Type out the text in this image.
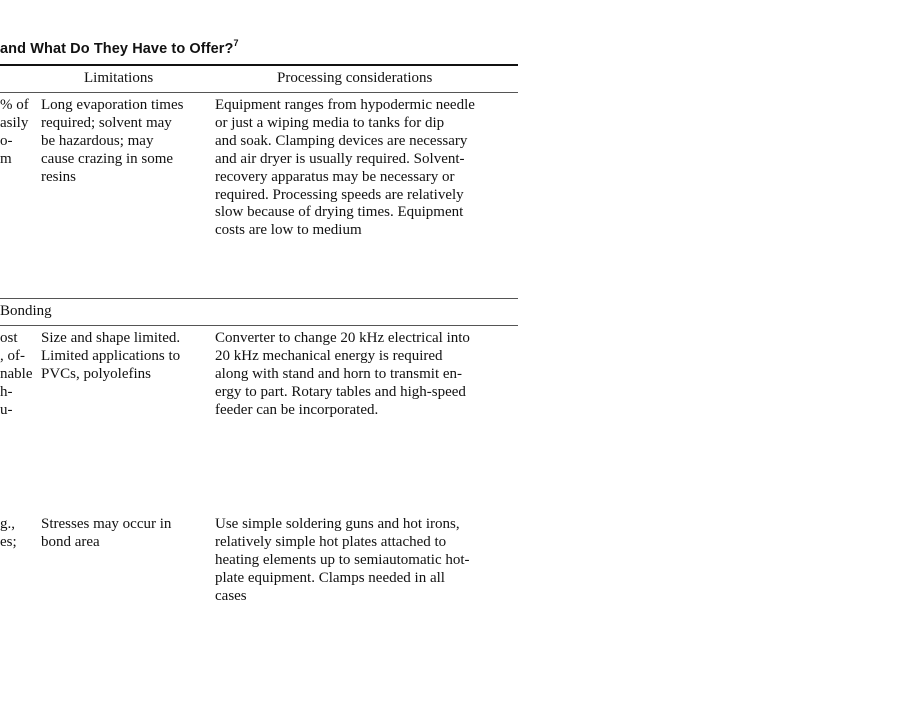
and What Do They Have to Offer?$^7$
Limitations	Processing considerations
% of
asily
o-
m
Long evaporation times
required; solvent may
be hazardous; may
cause crazing in some
resins
Equipment ranges from hypodermic needle
or just a wiping media to tanks for dip
and soak. Clamping devices are necessary
and air dryer is usually required. Solvent-
recovery apparatus may be necessary or
required. Processing speeds are relatively
slow because of drying times. Equipment
costs are low to medium
Bonding
ost
, of-
nable
h-
u-
Size and shape limited.
Limited applications to
PVCs, polyolefins
Converter to change 20 kHz electrical into
20 kHz mechanical energy is required
along with stand and horn to transmit en-
ergy to part. Rotary tables and high-speed
feeder can be incorporated.
g.,
es;
Stresses may occur in
bond area
Use simple soldering guns and hot irons,
relatively simple hot plates attached to
heating elements up to semiautomatic hot-
plate equipment. Clamps needed in all
cases
